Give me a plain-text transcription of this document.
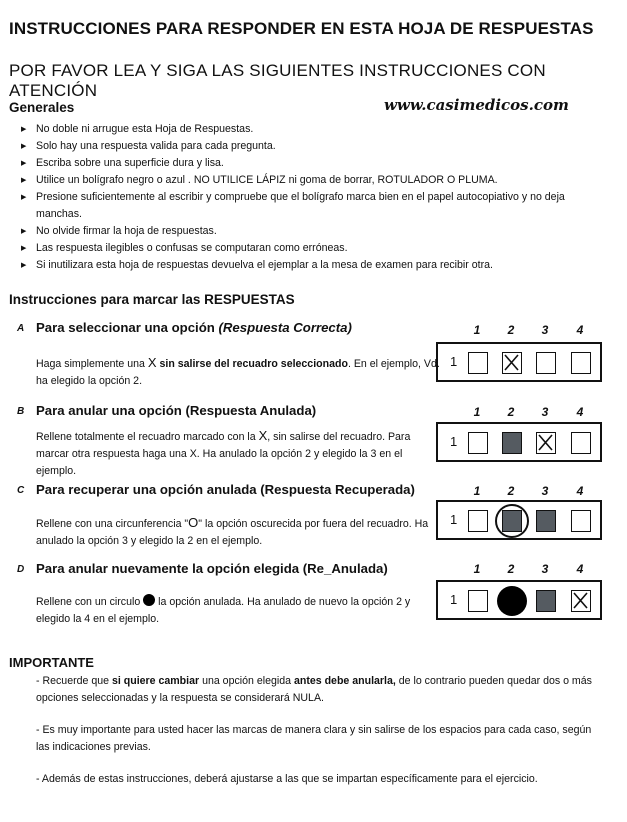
INSTRUCCIONES PARA RESPONDER EN ESTA HOJA DE RESPUESTAS
POR FAVOR LEA Y SIGA LAS SIGUIENTES INSTRUCCIONES CON ATENCIÓN
www.casimedicos.com
Generales
▶ No doble ni arrugue esta Hoja de Respuestas.
▶ Solo hay una respuesta valida para cada pregunta.
▶ Escriba sobre una superficie dura y lisa.
▶ Utilice un bolígrafo negro o azul . NO UTILICE LÁPIZ ni goma de borrar, ROTULADOR O PLUMA.
▶ Presione suficientemente al escribir y compruebe que el bolígrafo marca bien en el papel autocopiativo y no deja manchas.
▶ No olvide firmar la hoja de respuestas.
▶ Las respuesta ilegibles o confusas se computaran como erróneas.
▶ Si inutilizara esta hoja de respuestas devuelva el ejemplar a la mesa de examen para recibir otra.
Instrucciones para marcar las RESPUESTAS
A Para seleccionar una opción (Respuesta Correcta)
Haga simplemente una X sin salirse del recuadro seleccionado. En el ejemplo, Vd. ha elegido la opción 2.
1	2	3	4
1
B Para anular una opción (Respuesta Anulada)
Rellene totalmente el recuadro marcado con la X, sin salirse del recuadro. Para marcar otra respuesta haga una X. Ha anulado la opción 2 y elegido la 3 en el ejemplo.
1	2	3	4
1
C Para recuperar una opción anulada (Respuesta Recuperada)
Rellene con una circunferencia "O" la opción oscurecida por fuera del recuadro. Ha anulado la opción 3 y elegido la 2 en el ejemplo.
1	2	3	4
1
D Para anular nuevamente la opción elegida (Re_Anulada)
Rellene con un circulo  la opción anulada. Ha anulado de nuevo la opción 2 y elegido la 4 en el ejemplo.
1	2	3	4
1
IMPORTANTE
- Recuerde que si quiere cambiar una opción elegida antes debe anularla, de lo contrario pueden quedar dos o más opciones seleccionadas y la respuesta se considerará NULA.
- Es muy importante para usted hacer las marcas de manera clara y sin salirse de los espacios para cada caso, según las indicaciones previas.
- Además de estas instrucciones, deberá ajustarse a las que se impartan específicamente para el ejercicio.
